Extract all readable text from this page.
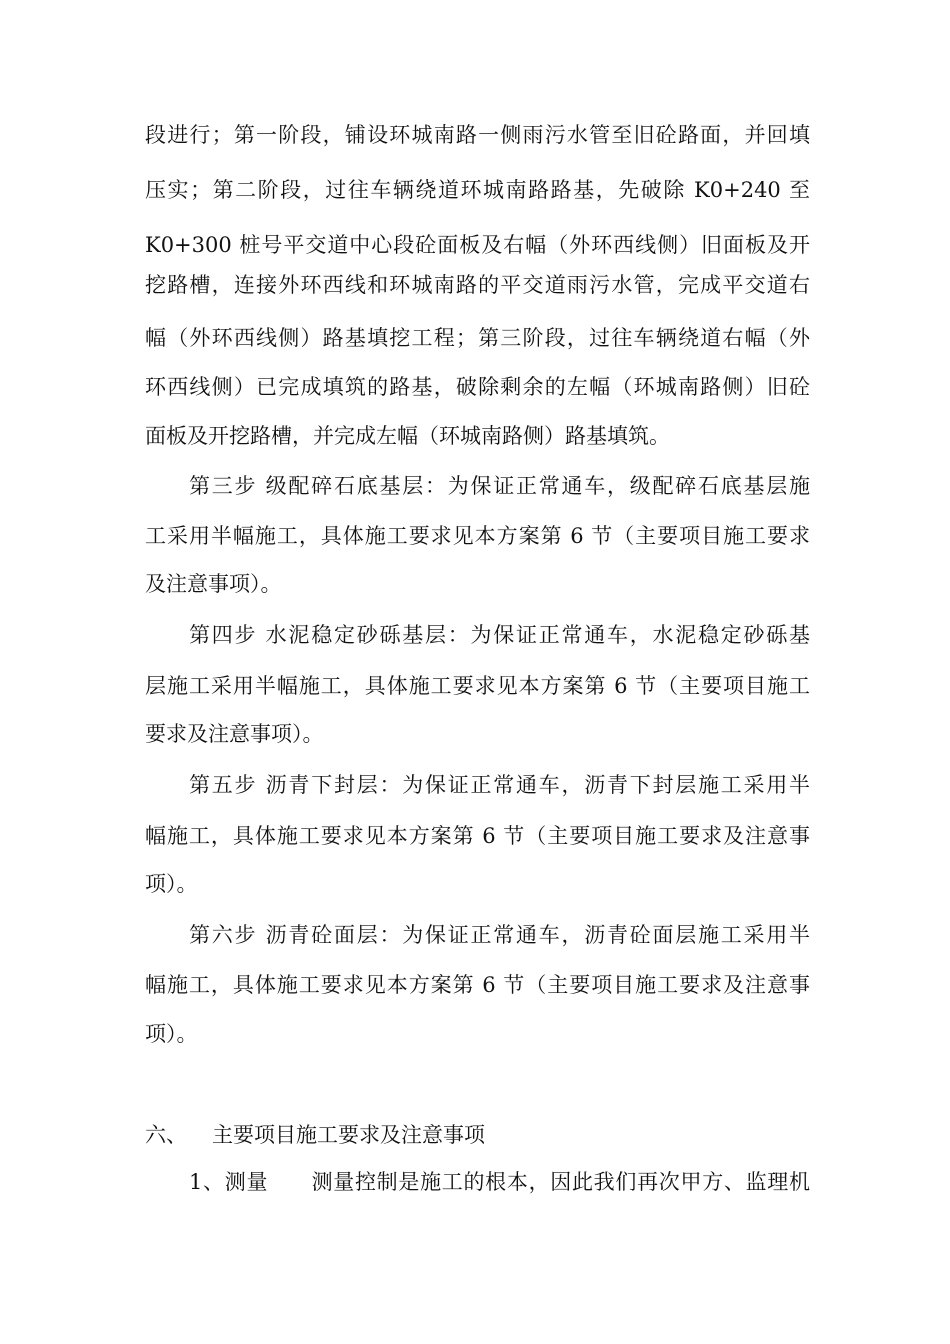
段进行；第一阶段，铺设环城南路一侧雨污水管至旧砼路面，并回填
压实；第二阶段，过往车辆绕道环城南路路基，先破除 K0+240 至
K0+300 桩号平交道中心段砼面板及右幅（外环西线侧）旧面板及开
挖路槽，连接外环西线和环城南路的平交道雨污水管，完成平交道右
幅（外环西线侧）路基填挖工程；第三阶段，过往车辆绕道右幅（外
环西线侧）已完成填筑的路基，破除剩余的左幅（环城南路侧）旧砼
面板及开挖路槽，并完成左幅（环城南路侧）路基填筑。
第三步 级配碎石底基层：为保证正常通车，级配碎石底基层施
工采用半幅施工，具体施工要求见本方案第 6 节（主要项目施工要求
及注意事项）。
第四步 水泥稳定砂砾基层：为保证正常通车，水泥稳定砂砾基
层施工采用半幅施工，具体施工要求见本方案第 6 节（主要项目施工
要求及注意事项）。
第五步 沥青下封层：为保证正常通车，沥青下封层施工采用半
幅施工，具体施工要求见本方案第 6 节（主要项目施工要求及注意事
项）。
第六步 沥青砼面层：为保证正常通车，沥青砼面层施工采用半
幅施工，具体施工要求见本方案第 6 节（主要项目施工要求及注意事
项）。
六、 主要项目施工要求及注意事项
1、测量　　测量控制是施工的根本，因此我们再次甲方、监理机
